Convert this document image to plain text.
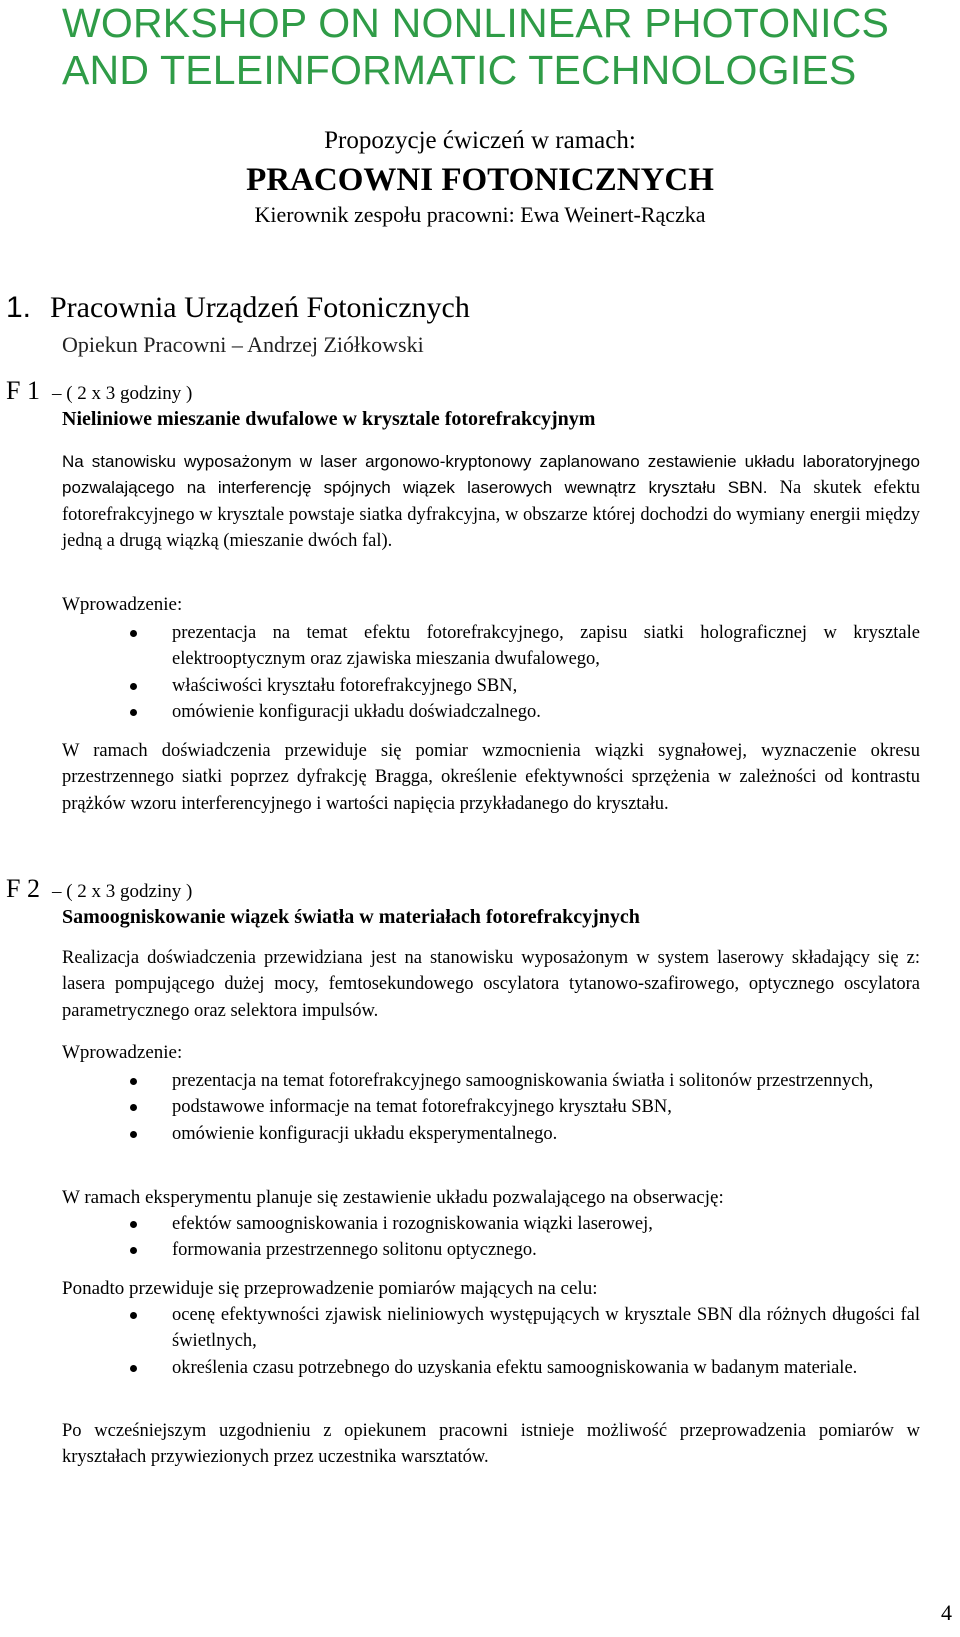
WORKSHOP ON NONLINEAR PHOTONICS
AND TELEINFORMATIC TECHNOLOGIES
Propozycje ćwiczeń w ramach:
PRACOWNI FOTONICZNYCH
Kierownik zespołu pracowni: Ewa Weinert-Rączka
1. Pracownia Urządzeń Fotonicznych
Opiekun Pracowni – Andrzej Ziółkowski
F 1 – ( 2 x 3 godziny )
Nieliniowe mieszanie dwufalowe w krysztale fotorefrakcyjnym
Na stanowisku wyposażonym w laser argonowo-kryptonowy zaplanowano zestawienie układu laboratoryjnego pozwalającego na interferencję spójnych wiązek laserowych wewnątrz kryształu SBN. Na skutek efektu fotorefrakcyjnego w krysztale powstaje siatka dyfrakcyjna, w obszarze której dochodzi do wymiany energii między jedną a drugą wiązką (mieszanie dwóch fal).
Wprowadzenie:
prezentacja na temat efektu fotorefrakcyjnego, zapisu siatki holograficznej w krysztale elektrooptycznym oraz zjawiska mieszania dwufalowego,
właściwości kryształu fotorefrakcyjnego SBN,
omówienie konfiguracji układu doświadczalnego.
W ramach doświadczenia przewiduje się pomiar wzmocnienia wiązki sygnałowej, wyznaczenie okresu przestrzennego siatki poprzez dyfrakcję Bragga, określenie efektywności sprzężenia w zależności od kontrastu prążków wzoru interferencyjnego i wartości napięcia przykładanego do kryształu.
F 2 – ( 2 x 3 godziny )
Samoogniskowanie wiązek światła w materiałach fotorefrakcyjnych
Realizacja doświadczenia przewidziana jest na stanowisku wyposażonym w system laserowy składający się z: lasera pompującego dużej mocy, femtosekundowego oscylatora tytanowo-szafirowego, optycznego oscylatora parametrycznego oraz selektora impulsów.
Wprowadzenie:
prezentacja na temat fotorefrakcyjnego samoogniskowania światła i solitonów przestrzennych,
podstawowe informacje na temat fotorefrakcyjnego kryształu SBN,
omówienie konfiguracji układu eksperymentalnego.
W ramach eksperymentu planuje się zestawienie układu pozwalającego na obserwację:
efektów samoogniskowania i rozogniskowania wiązki laserowej,
formowania przestrzennego solitonu optycznego.
Ponadto przewiduje się przeprowadzenie pomiarów mających na celu:
ocenę efektywności zjawisk nieliniowych występujących w krysztale SBN dla różnych długości fal świetlnych,
określenia czasu potrzebnego do uzyskania efektu samoogniskowania w badanym materiale.
Po wcześniejszym uzgodnieniu z opiekunem pracowni istnieje możliwość przeprowadzenia pomiarów w kryształach przywiezionych przez uczestnika warsztatów.
4
